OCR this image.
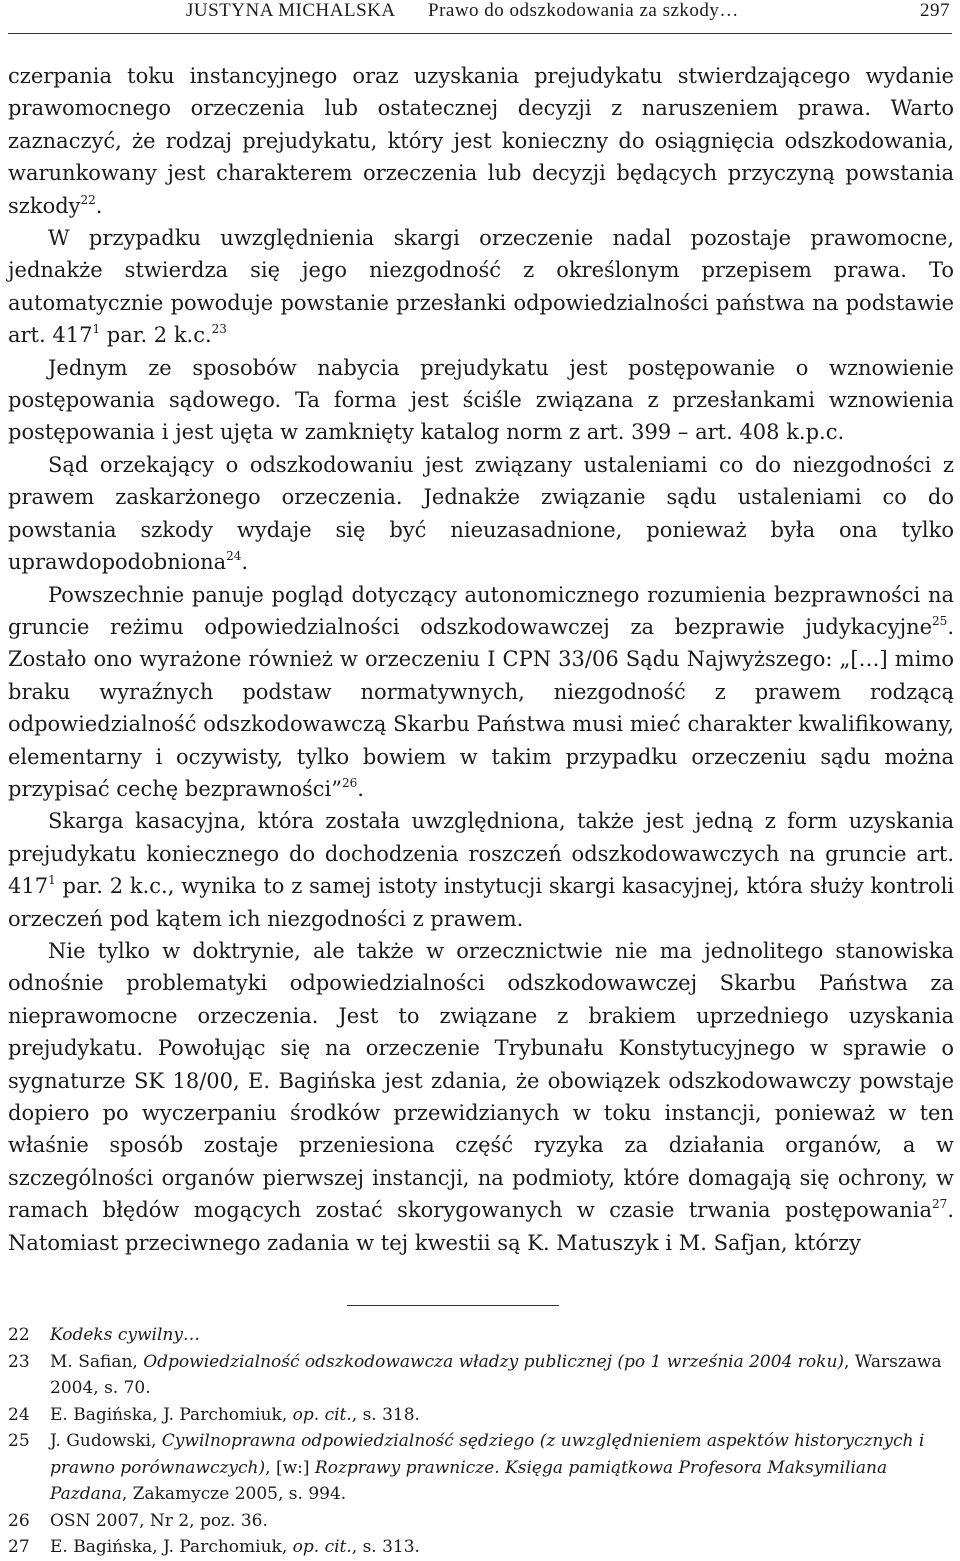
JUSTYNA MICHALSKA Prawo do odszkodowania za szkody…	297

czerpania toku instancyjnego oraz uzyskania prejudykatu stwierdzającego wydanie prawomocnego orzeczenia lub ostatecznej decyzji z naruszeniem prawa. Warto zaznaczyć, że rodzaj prejudykatu, który jest konieczny do osiągnięcia odszkodowania, warunkowany jest charakterem orzeczenia lub decyzji będących przyczyną powstania szkody$^{22}$.

W przypadku uwzględnienia skargi orzeczenie nadal pozostaje prawomocne, jednakże stwierdza się jego niezgodność z określonym przepisem prawa. To automatycznie powoduje powstanie przesłanki odpowiedzialności państwa na podstawie art. $417^1$ par. 2 k.c.$^{23}$

Jednym ze sposobów nabycia prejudykatu jest postępowanie o wznowienie postępowania sądowego. Ta forma jest ściśle związana z przesłankami wznowienia postępowania i jest ujęta w zamknięty katalog norm z art. 399 – art. 408 k.p.c.

Sąd orzekający o odszkodowaniu jest związany ustaleniami co do niezgodności z prawem zaskarżonego orzeczenia. Jednakże związanie sądu ustaleniami co do powstania szkody wydaje się być nieuzasadnione, ponieważ była ona tylko uprawdopodobniona$^{24}$.

Powszechnie panuje pogląd dotyczący autonomicznego rozumienia bezprawności na gruncie reżimu odpowiedzialności odszkodowawczej za bezprawie judykacyjne$^{25}$. Zostało ono wyrażone również w orzeczeniu I CPN 33/06 Sądu Najwyższego: „[…] mimo braku wyraźnych podstaw normatywnych, niezgodność z prawem rodzącą odpowiedzialność odszkodowawczą Skarbu Państwa musi mieć charakter kwalifikowany, elementarny i oczywisty, tylko bowiem w takim przypadku orzeczeniu sądu można przypisać cechę bezprawności”$^{26}$.

Skarga kasacyjna, która została uwzględniona, także jest jedną z form uzyskania prejudykatu koniecznego do dochodzenia roszczeń odszkodowawczych na gruncie art. $417^1$ par. 2 k.c., wynika to z samej istoty instytucji skargi kasacyjnej, która służy kontroli orzeczeń pod kątem ich niezgodności z prawem.

Nie tylko w doktrynie, ale także w orzecznictwie nie ma jednolitego stanowiska odnośnie problematyki odpowiedzialności odszkodowawczej Skarbu Państwa za nieprawomocne orzeczenia. Jest to związane z brakiem uprzedniego uzyskania prejudykatu. Powołując się na orzeczenie Trybunału Konstytucyjnego w sprawie o sygnaturze SK 18/00, E. Bagińska jest zdania, że obowiązek odszkodowawczy powstaje dopiero po wyczerpaniu środków przewidzianych w toku instancji, ponieważ w ten właśnie sposób zostaje przeniesiona część ryzyka za działania organów, a w szczególności organów pierwszej instancji, na podmioty, które domagają się ochrony, w ramach błędów mogących zostać skorygowanych w czasie trwania postępowania$^{27}$. Natomiast przeciwnego zadania w tej kwestii są K. Matuszyk i M. Safjan, którzy

22	Kodeks cywilny…
23	M. Safian, Odpowiedzialność odszkodowawcza władzy publicznej (po 1 września 2004 roku), Warszawa 2004, s. 70.
24	E. Bagińska, J. Parchomiuk, op. cit., s. 318.
25	J. Gudowski, Cywilnoprawna odpowiedzialność sędziego (z uwzględnieniem aspektów historycznych i prawno porównawczych), [w:] Rozprawy prawnicze. Księga pamiątkowa Profesora Maksymiliana Pazdana, Zakamycze 2005, s. 994.
26	OSN 2007, Nr 2, poz. 36.
27	E. Bagińska, J. Parchomiuk, op. cit., s. 313.
